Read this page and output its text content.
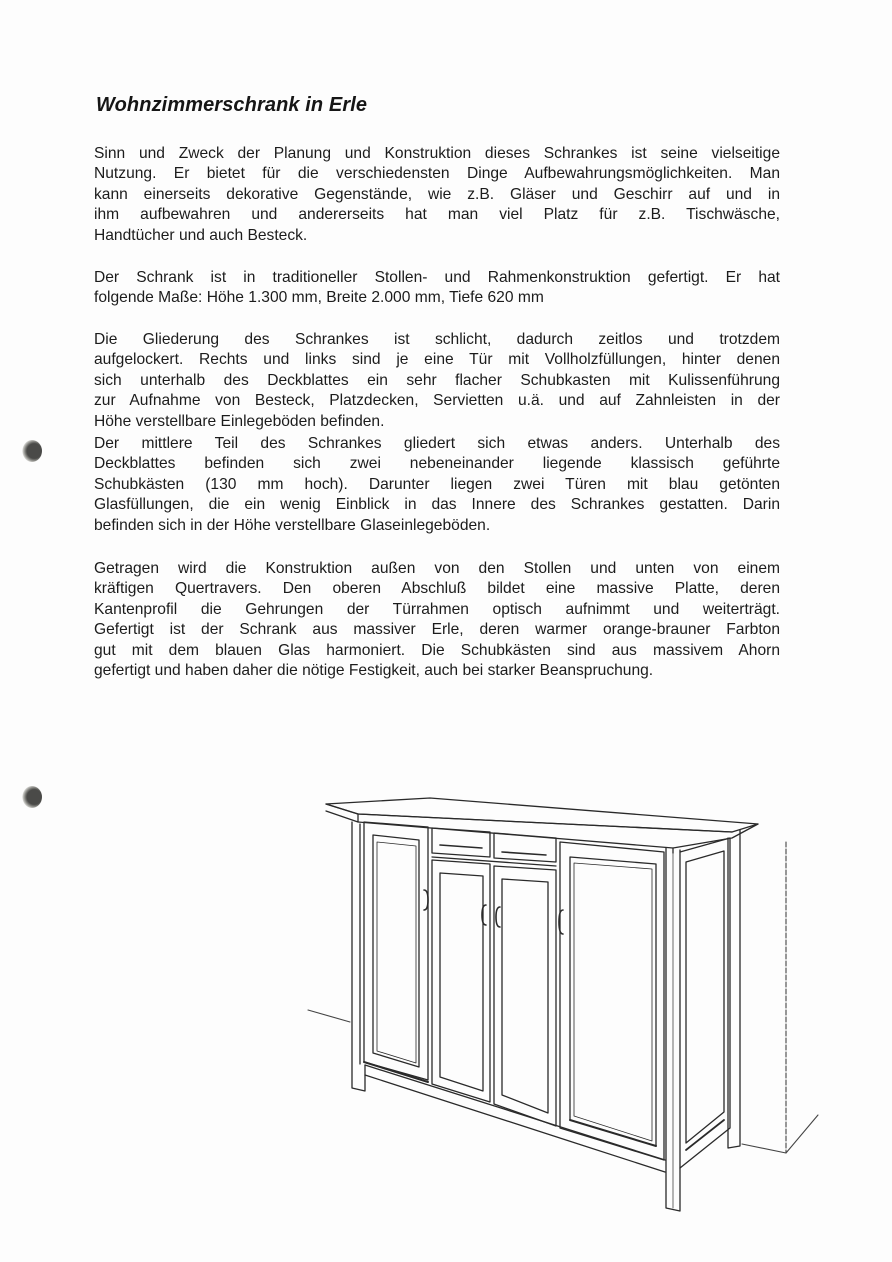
Wohnzimmerschrank in Erle
Sinn und Zweck der Planung und Konstruktion dieses Schrankes ist seine vielseitige
Nutzung. Er bietet für die verschiedensten Dinge Aufbewahrungsmöglichkeiten. Man
kann einerseits dekorative Gegenstände, wie z.B. Gläser und Geschirr auf und in
ihm aufbewahren und andererseits hat man viel Platz für z.B. Tischwäsche,
Handtücher und auch Besteck.
Der Schrank ist in traditioneller Stollen- und Rahmenkonstruktion gefertigt. Er hat
folgende Maße: Höhe 1.300 mm, Breite 2.000 mm, Tiefe 620 mm
Die Gliederung des Schrankes ist schlicht, dadurch zeitlos und trotzdem
aufgelockert. Rechts und links sind je eine Tür mit Vollholzfüllungen, hinter denen
sich unterhalb des Deckblattes ein sehr flacher Schubkasten mit Kulissenführung
zur Aufnahme von Besteck, Platzdecken, Servietten u.ä. und auf Zahnleisten in der
Höhe verstellbare Einlegeböden befinden.
Der mittlere Teil des Schrankes gliedert sich etwas anders. Unterhalb des
Deckblattes befinden sich zwei nebeneinander liegende klassisch geführte
Schubkästen (130 mm hoch). Darunter liegen zwei Türen mit blau getönten
Glasfüllungen, die ein wenig Einblick in das Innere des Schrankes gestatten. Darin
befinden sich in der Höhe verstellbare Glaseinlegeböden.
Getragen wird die Konstruktion außen von den Stollen und unten von einem
kräftigen Quertravers. Den oberen Abschluß bildet eine massive Platte, deren
Kantenprofil die Gehrungen der Türrahmen optisch aufnimmt und weiterträgt.
Gefertigt ist der Schrank aus massiver Erle, deren warmer orange-brauner Farbton
gut mit dem blauen Glas harmoniert. Die Schubkästen sind aus massivem Ahorn
gefertigt und haben daher die nötige Festigkeit, auch bei starker Beanspruchung.
